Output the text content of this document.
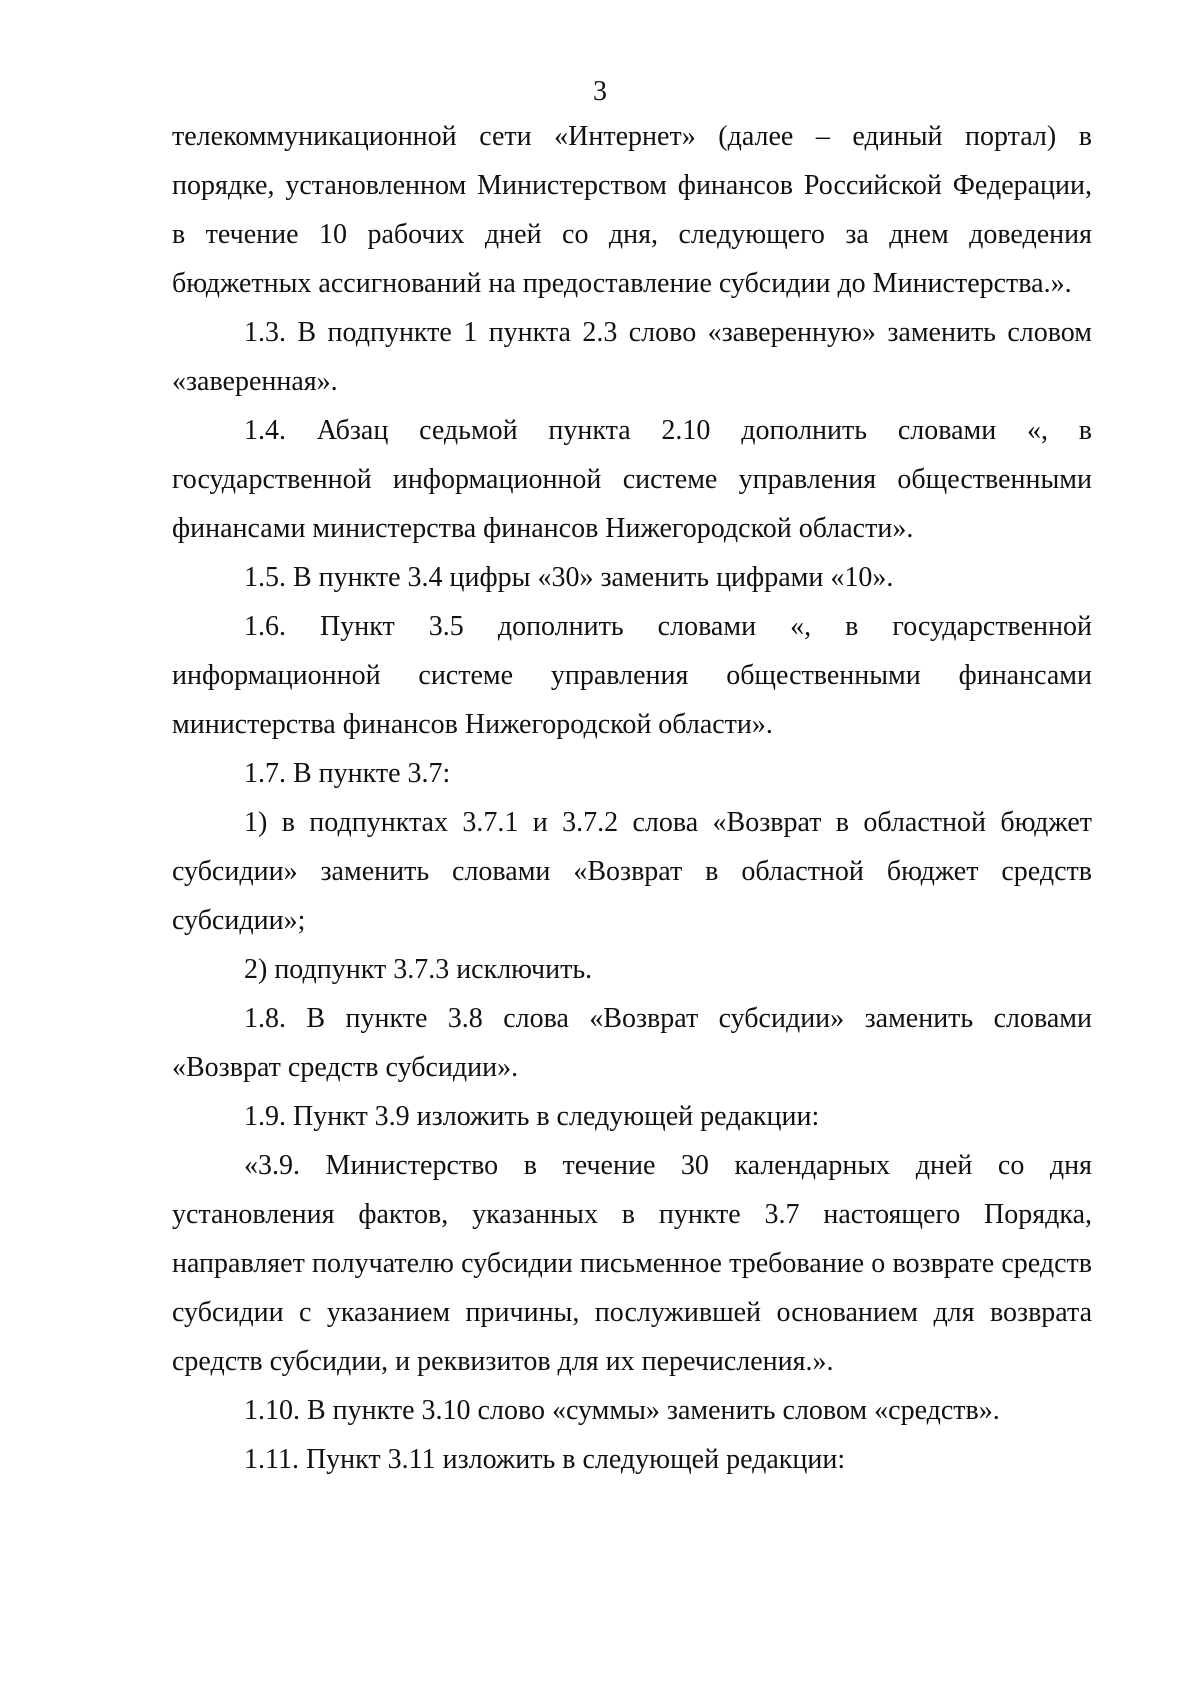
3

телекоммуникационной сети «Интернет» (далее – единый портал) в порядке, установленном Министерством финансов Российской Федерации, в течение 10 рабочих дней со дня, следующего за днем доведения бюджетных ассигнований на предоставление субсидии до Министерства.».

1.3. В подпункте 1 пункта 2.3 слово «заверенную» заменить словом «заверенная».

1.4. Абзац седьмой пункта 2.10 дополнить словами «, в государственной информационной системе управления общественными финансами министерства финансов Нижегородской области».

1.5. В пункте 3.4 цифры «30» заменить цифрами «10».

1.6. Пункт 3.5 дополнить словами «, в государственной информационной системе управления общественными финансами министерства финансов Нижегородской области».

1.7. В пункте 3.7:

1) в подпунктах 3.7.1 и 3.7.2 слова «Возврат в областной бюджет субсидии» заменить словами «Возврат в областной бюджет средств субсидии»;

2) подпункт 3.7.3 исключить.

1.8. В пункте 3.8 слова «Возврат субсидии» заменить словами «Возврат средств субсидии».

1.9. Пункт 3.9 изложить в следующей редакции:

«3.9. Министерство в течение 30 календарных дней со дня установления фактов, указанных в пункте 3.7 настоящего Порядка, направляет получателю субсидии письменное требование о возврате средств субсидии с указанием причины, послужившей основанием для возврата средств субсидии, и реквизитов для их перечисления.».

1.10. В пункте 3.10 слово «суммы» заменить словом «средств».

1.11. Пункт 3.11 изложить в следующей редакции:
